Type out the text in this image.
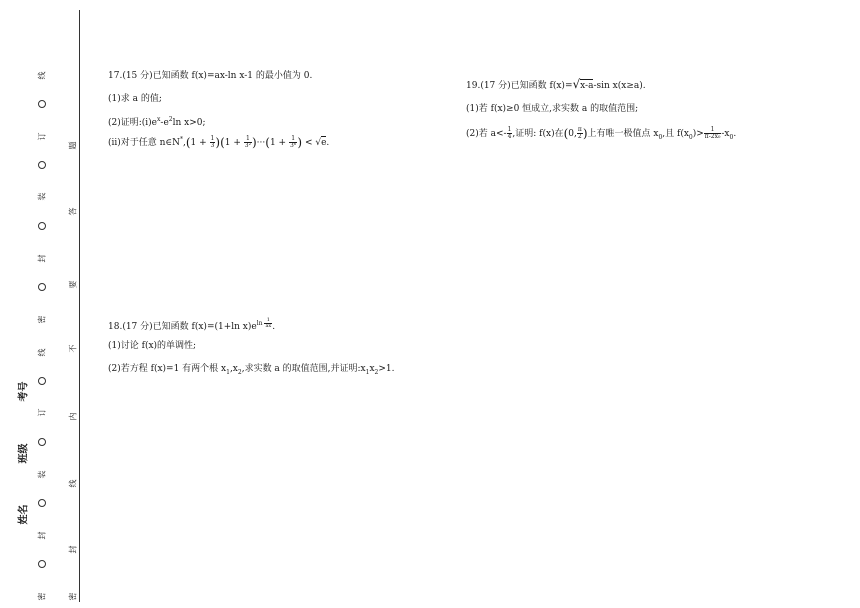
线
订
装
封
密
线
订
装
封
密
题
答
要
不
内
线
封
密
考号
班级
姓名
17.(15 分)已知函数 f(x)=ax-ln x-1 的最小值为 0.
(1)求 a 的值;
(2)证明$:(i)e^x-e^2\ln$ x>0;
(ii)对于任意 n∈N*,(1 + $\frac{1}{3} )(1 + \frac{1}{\text{3²}} )\cdot\cdot\cdot(1 + \frac{1}{\text{3ⁿ}}$ ) < √e.
18.(17 分)已知函数 f(x)=(1+ln $x)e^{ln \frac{1}{ax}}$ .
(1)讨论 f(x)的单调性;
(2)若方程 f(x)=1 有两个根 $x_1,x_2$,求实数 a 的取值范围,并证明$:x_1x_2>1$.
19.(17 分)已知函数 f(x)=√x-a-sin x(x≥a).
(1)若 f(x)≥0 恒成立,求实数 a 的取值范围;
(2)若 $a<- \frac{1}{4}$ ,证明: f(x)在(0, $\frac{\pi}{2}$ )上有唯一极值点 $x_0$,且 $f(x_0)> \frac{1}{\text{π-2x₀}} -x_0$.
